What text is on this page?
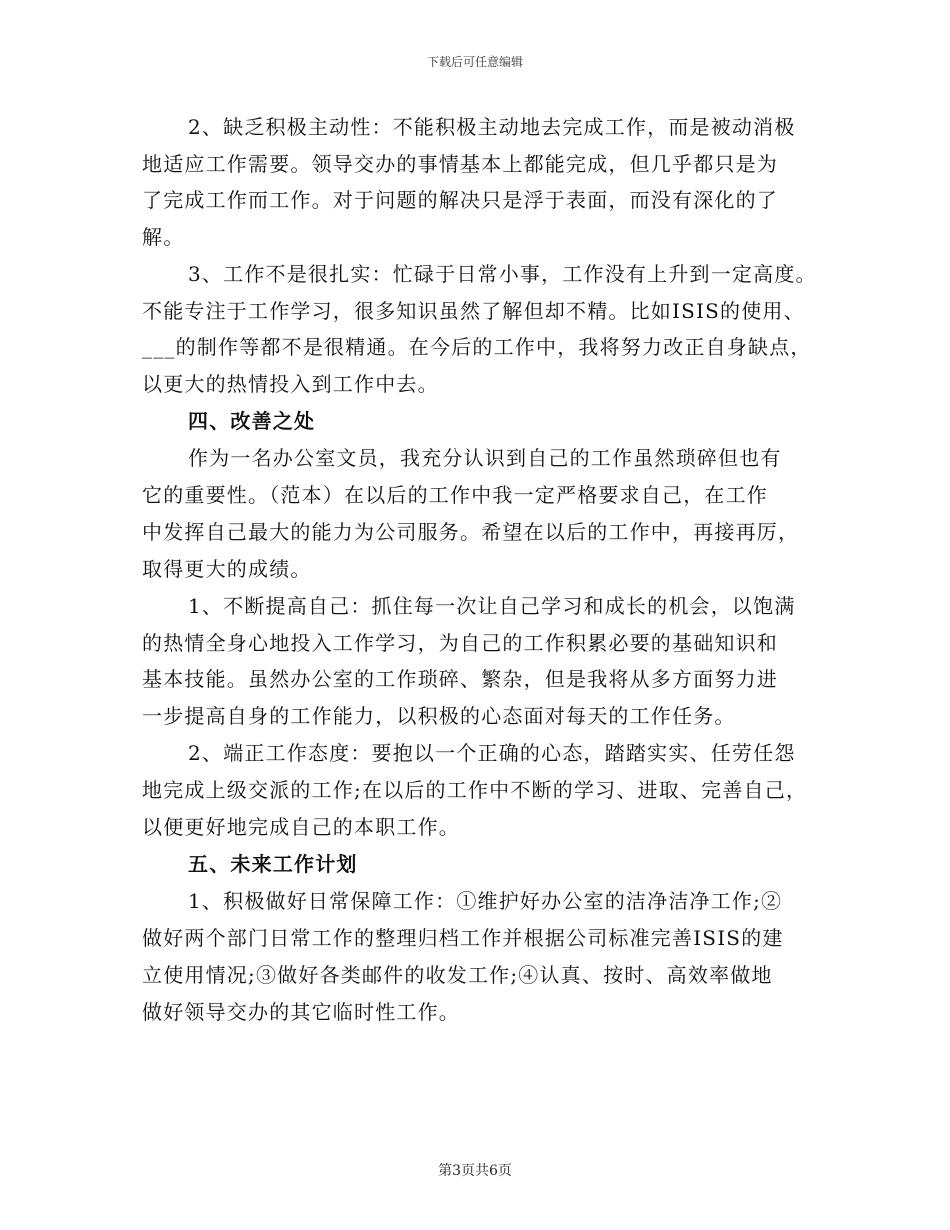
下载后可任意编辑
2、缺乏积极主动性：不能积极主动地去完成工作，而是被动消极
地适应工作需要。领导交办的事情基本上都能完成，但几乎都只是为
了完成工作而工作。对于问题的解决只是浮于表面，而没有深化的了
解。
3、工作不是很扎实：忙碌于日常小事，工作没有上升到一定高度。
不能专注于工作学习，很多知识虽然了解但却不精。比如ISIS的使用、
___的制作等都不是很精通。在今后的工作中，我将努力改正自身缺点，
以更大的热情投入到工作中去。
四、改善之处
作为一名办公室文员，我充分认识到自己的工作虽然琐碎但也有
它的重要性。（范本）在以后的工作中我一定严格要求自己，在工作
中发挥自己最大的能力为公司服务。希望在以后的工作中，再接再厉，
取得更大的成绩。
1、不断提高自己：抓住每一次让自己学习和成长的机会，以饱满
的热情全身心地投入工作学习，为自己的工作积累必要的基础知识和
基本技能。虽然办公室的工作琐碎、繁杂，但是我将从多方面努力进
一步提高自身的工作能力，以积极的心态面对每天的工作任务。
2、端正工作态度：要抱以一个正确的心态，踏踏实实、任劳任怨
地完成上级交派的工作;在以后的工作中不断的学习、进取、完善自己，
以便更好地完成自己的本职工作。
五、未来工作计划
1、积极做好日常保障工作：①维护好办公室的洁净洁净工作;②
做好两个部门日常工作的整理归档工作并根据公司标准完善ISIS的建
立使用情况;③做好各类邮件的收发工作;④认真、按时、高效率做地
做好领导交办的其它临时性工作。
第3页共6页
